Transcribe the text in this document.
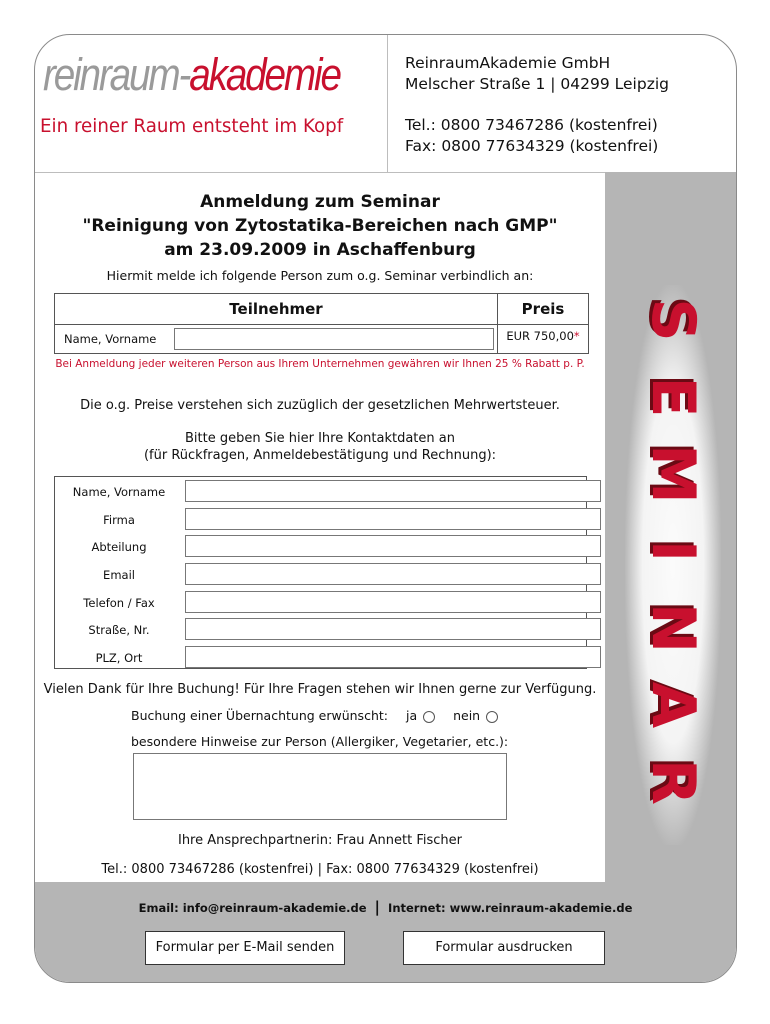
reinraum-akademie
Ein reiner Raum entsteht im Kopf
ReinraumAkademie GmbH
Melscher Straße 1 | 04299 Leipzig
Tel.: 0800 73467286 (kostenfrei)
Fax: 0800 77634329 (kostenfrei)
S
E
M
I
N
A
R
Anmeldung zum Seminar
"Reinigung von Zytostatika-Bereichen nach GMP"
am 23.09.2009 in Aschaffenburg
Hiermit melde ich folgende Person zum o.g. Seminar verbindlich an:
Teilnehmer	Preis

Name, Vorname	EUR 750,00*
Bei Anmeldung jeder weiteren Person aus Ihrem Unternehmen gewähren wir Ihnen 25 % Rabatt p. P.
Die o.g. Preise verstehen sich zuzüglich der gesetzlichen Mehrwertsteuer.
Bitte geben Sie hier Ihre Kontaktdaten an
(für Rückfragen, Anmeldebestätigung und Rechnung):
Name, Vorname
Firma
Abteilung
Email
Telefon / Fax
Straße, Nr.
PLZ, Ort
Vielen Dank für Ihre Buchung! Für Ihre Fragen stehen wir Ihnen gerne zur Verfügung.
Buchung einer Übernachtung erwünscht: ja	nein
besondere Hinweise zur Person (Allergiker, Vegetarier, etc.):
Ihre Ansprechpartnerin: Frau Annett Fischer
Tel.: 0800 73467286 (kostenfrei) | Fax: 0800 77634329 (kostenfrei)
Email: info@reinraum-akademie.de | Internet: www.reinraum-akademie.de
Formular per E-Mail senden	Formular ausdrucken
